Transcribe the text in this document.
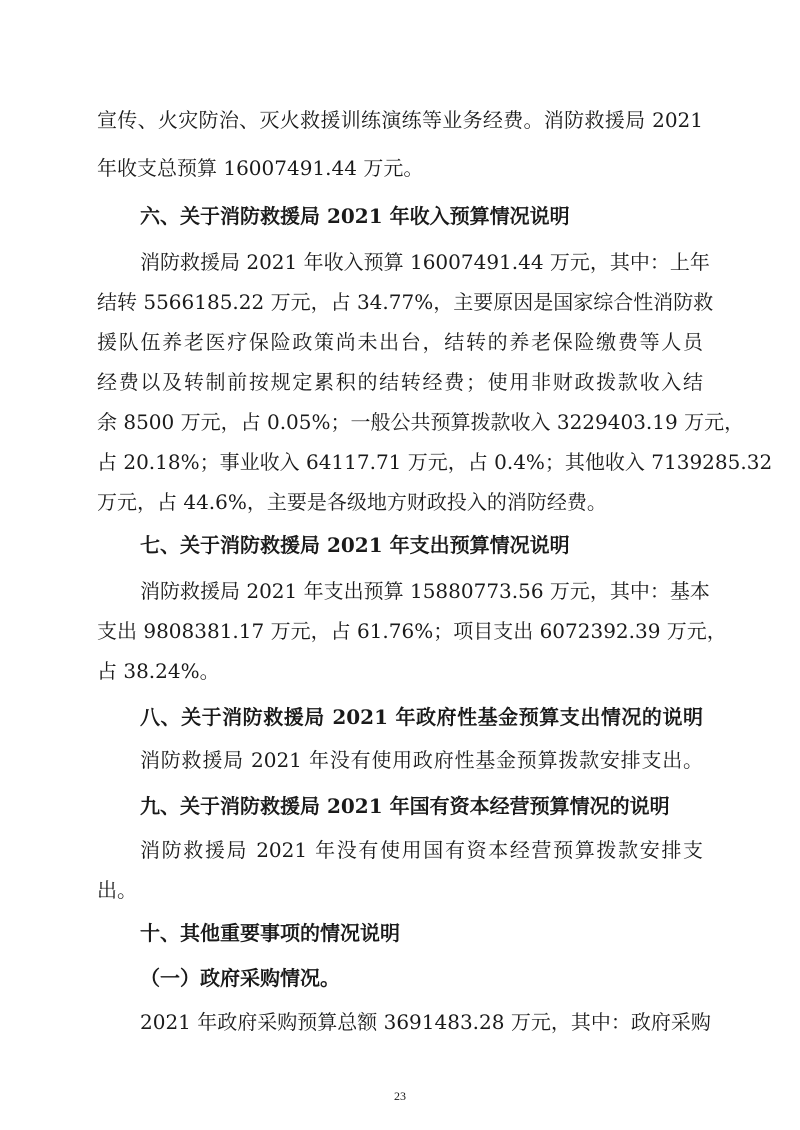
宣传、火灾防治、灭火救援训练演练等业务经费。消防救援局 2021
年收支总预算 16007491.44 万元。
六、关于消防救援局 2021 年收入预算情况说明
消防救援局 2021 年收入预算 16007491.44 万元，其中：上年
结转 5566185.22 万元，占 34.77%，主要原因是国家综合性消防救
援队伍养老医疗保险政策尚未出台，结转的养老保险缴费等人员
经费以及转制前按规定累积的结转经费；使用非财政拨款收入结
余 8500 万元，占 0.05%；一般公共预算拨款收入 3229403.19 万元，
占 20.18%；事业收入 64117.71 万元，占 0.4%；其他收入 7139285.32
万元，占 44.6%，主要是各级地方财政投入的消防经费。
七、关于消防救援局 2021 年支出预算情况说明
消防救援局 2021 年支出预算 15880773.56 万元，其中：基本
支出 9808381.17 万元，占 61.76%；项目支出 6072392.39 万元，
占 38.24%。
八、关于消防救援局 2021 年政府性基金预算支出情况的说明
消防救援局 2021 年没有使用政府性基金预算拨款安排支出。
九、关于消防救援局 2021 年国有资本经营预算情况的说明
消防救援局 2021 年没有使用国有资本经营预算拨款安排支
出。
十、其他重要事项的情况说明
（一）政府采购情况。
2021 年政府采购预算总额 3691483.28 万元，其中：政府采购
23
